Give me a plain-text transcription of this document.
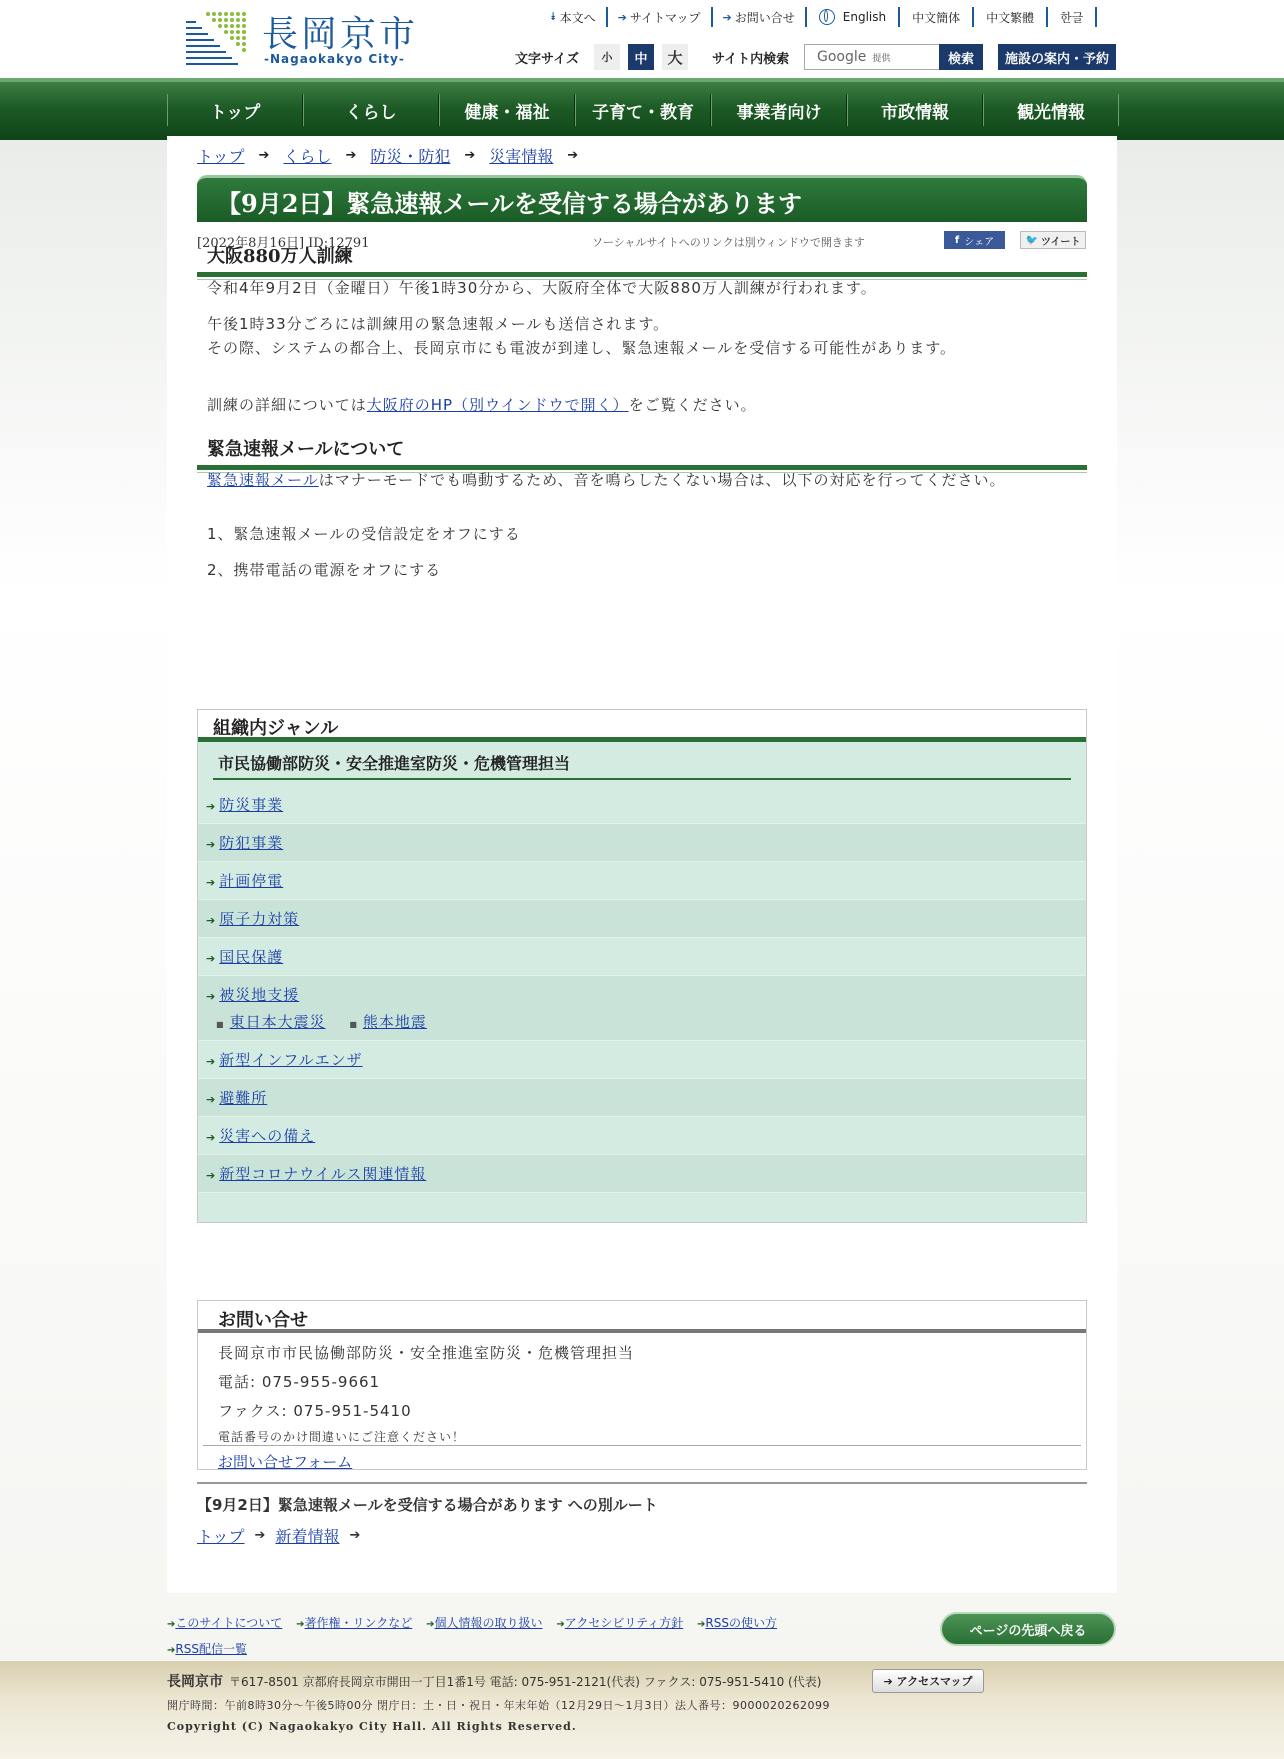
長岡京市
-Nagaokakyo City-
⯯ 本文へ ➔ サイトマップ ➔ お問い合せ	English	中文簡体	中文繁體	한글
文字サイズ	小	中	大	サイト内検索 Google 提供	検索	施設の案内・予約
トップ	くらし	健康・福祉	子育て・教育	事業者向け	市政情報	観光情報
トップ ➔ くらし ➔ 防災・防犯 ➔ 災害情報 ➔
【9月2日】緊急速報メールを受信する場合があります
[2022年8月16日] ID:12791	ソーシャルサイトへのリンクは別ウィンドウで開きます	f シェア	🐦 ツイート
大阪880万人訓練
令和4年9月2日（金曜日）午後1時30分から、大阪府全体で大阪880万人訓練が行われます。
午後1時33分ごろには訓練用の緊急速報メールも送信されます。
その際、システムの都合上、長岡京市にも電波が到達し、緊急速報メールを受信する可能性があります。
訓練の詳細については大阪府のHP（別ウインドウで開く）をご覧ください。
緊急速報メールについて
緊急速報メールはマナーモードでも鳴動するため、音を鳴らしたくない場合は、以下の対応を行ってください。
1、緊急速報メールの受信設定をオフにする
2、携帯電話の電源をオフにする
組織内ジャンル
市民協働部防災・安全推進室防災・危機管理担当
➔ 防災事業
➔ 防犯事業
➔ 計画停電
➔ 原子力対策
➔ 国民保護
➔ 被災地支援
■ 東日本大震災	■ 熊本地震
➔ 新型インフルエンザ
➔ 避難所
➔ 災害への備え
➔ 新型コロナウイルス関連情報
お問い合せ
長岡京市市民協働部防災・安全推進室防災・危機管理担当
電話: 075-955-9661
ファクス: 075-951-5410
電話番号のかけ間違いにご注意ください！
お問い合せフォーム
【9月2日】緊急速報メールを受信する場合があります への別ルート
トップ ➔ 新着情報 ➔
➔このサイトについて ➔著作権・リンクなど ➔個人情報の取り扱い ➔アクセシビリティ方針 ➔RSSの使い方
➔RSS配信一覧
ページの先頭へ戻る
長岡京市 〒617-8501 京都府長岡京市開田一丁目1番1号 電話: 075-951-2121(代表) ファクス: 075-951-5410 (代表)	➔ アクセスマップ
開庁時間：午前8時30分～午後5時00分 閉庁日：土・日・祝日・年末年始（12月29日～1月3日）法人番号：9000020262099
Copyright (C) Nagaokakyo City Hall. All Rights Reserved.
